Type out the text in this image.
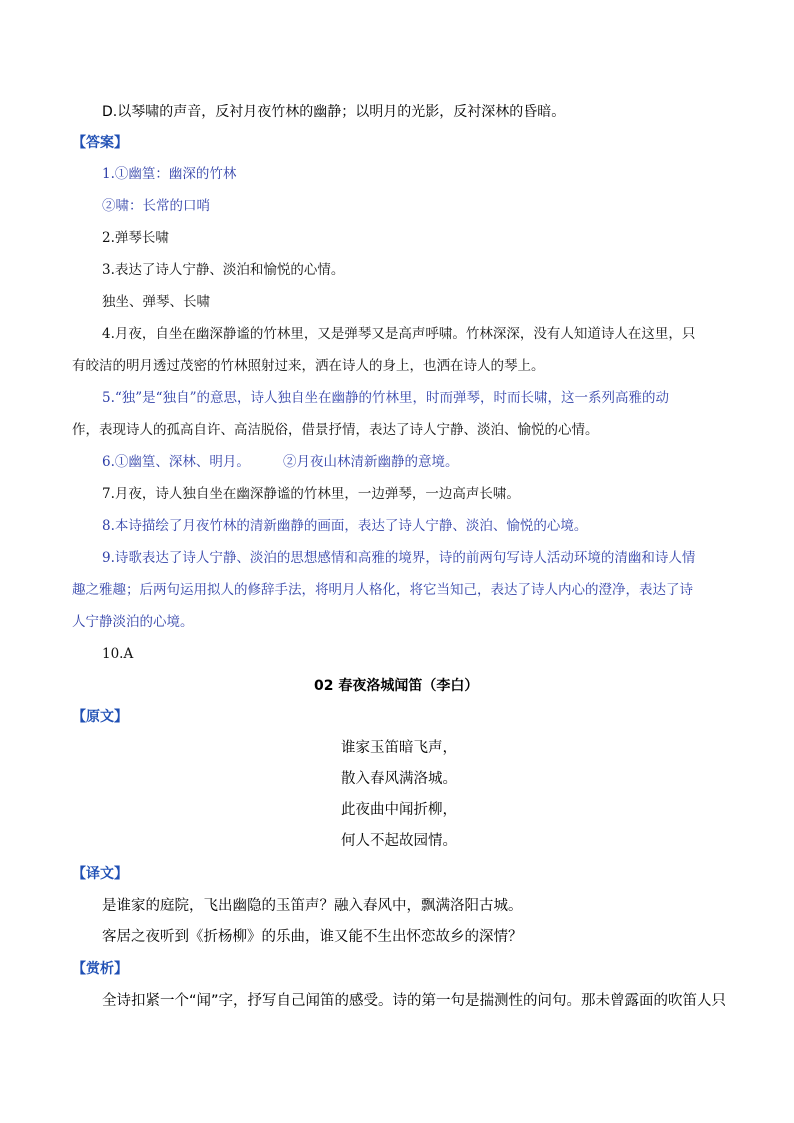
D.以琴啸的声音，反衬月夜竹林的幽静；以明月的光影，反衬深林的昏暗。
【答案】
1.①幽篁：幽深的竹林
②啸：长常的口哨
2.弹琴长啸
3.表达了诗人宁静、淡泊和愉悦的心情。
独坐、弹琴、长啸
4.月夜，自坐在幽深静谧的竹林里，又是弹琴又是高声呼啸。竹林深深，没有人知道诗人在这里，只
有皎洁的明月透过茂密的竹林照射过来，洒在诗人的身上，也洒在诗人的琴上。
5.“独”是“独自”的意思，诗人独自坐在幽静的竹林里，时而弹琴，时而长啸，这一系列高雅的动
作，表现诗人的孤高自许、高洁脱俗，借景抒情，表达了诗人宁静、淡泊、愉悦的心情。
6.①幽篁、深林、明月。 ②月夜山林清新幽静的意境。
7.月夜，诗人独自坐在幽深静谧的竹林里，一边弹琴，一边高声长啸。
8.本诗描绘了月夜竹林的清新幽静的画面，表达了诗人宁静、淡泊、愉悦的心境。
9.诗歌表达了诗人宁静、淡泊的思想感情和高雅的境界，诗的前两句写诗人活动环境的清幽和诗人情
趣之雅趣；后两句运用拟人的修辞手法，将明月人格化，将它当知己，表达了诗人内心的澄净，表达了诗
人宁静淡泊的心境。
10.A
02 春夜洛城闻笛（李白）
【原文】
谁家玉笛暗飞声，
散入春风满洛城。
此夜曲中闻折柳，
何人不起故园情。
【译文】
是谁家的庭院，飞出幽隐的玉笛声？融入春风中，飘满洛阳古城。
客居之夜听到《折杨柳》的乐曲，谁又能不生出怀恋故乡的深情？
【赏析】
全诗扣紧一个“闻”字，抒写自己闻笛的感受。诗的第一句是揣测性的问句。那未曾露面的吹笛人只
